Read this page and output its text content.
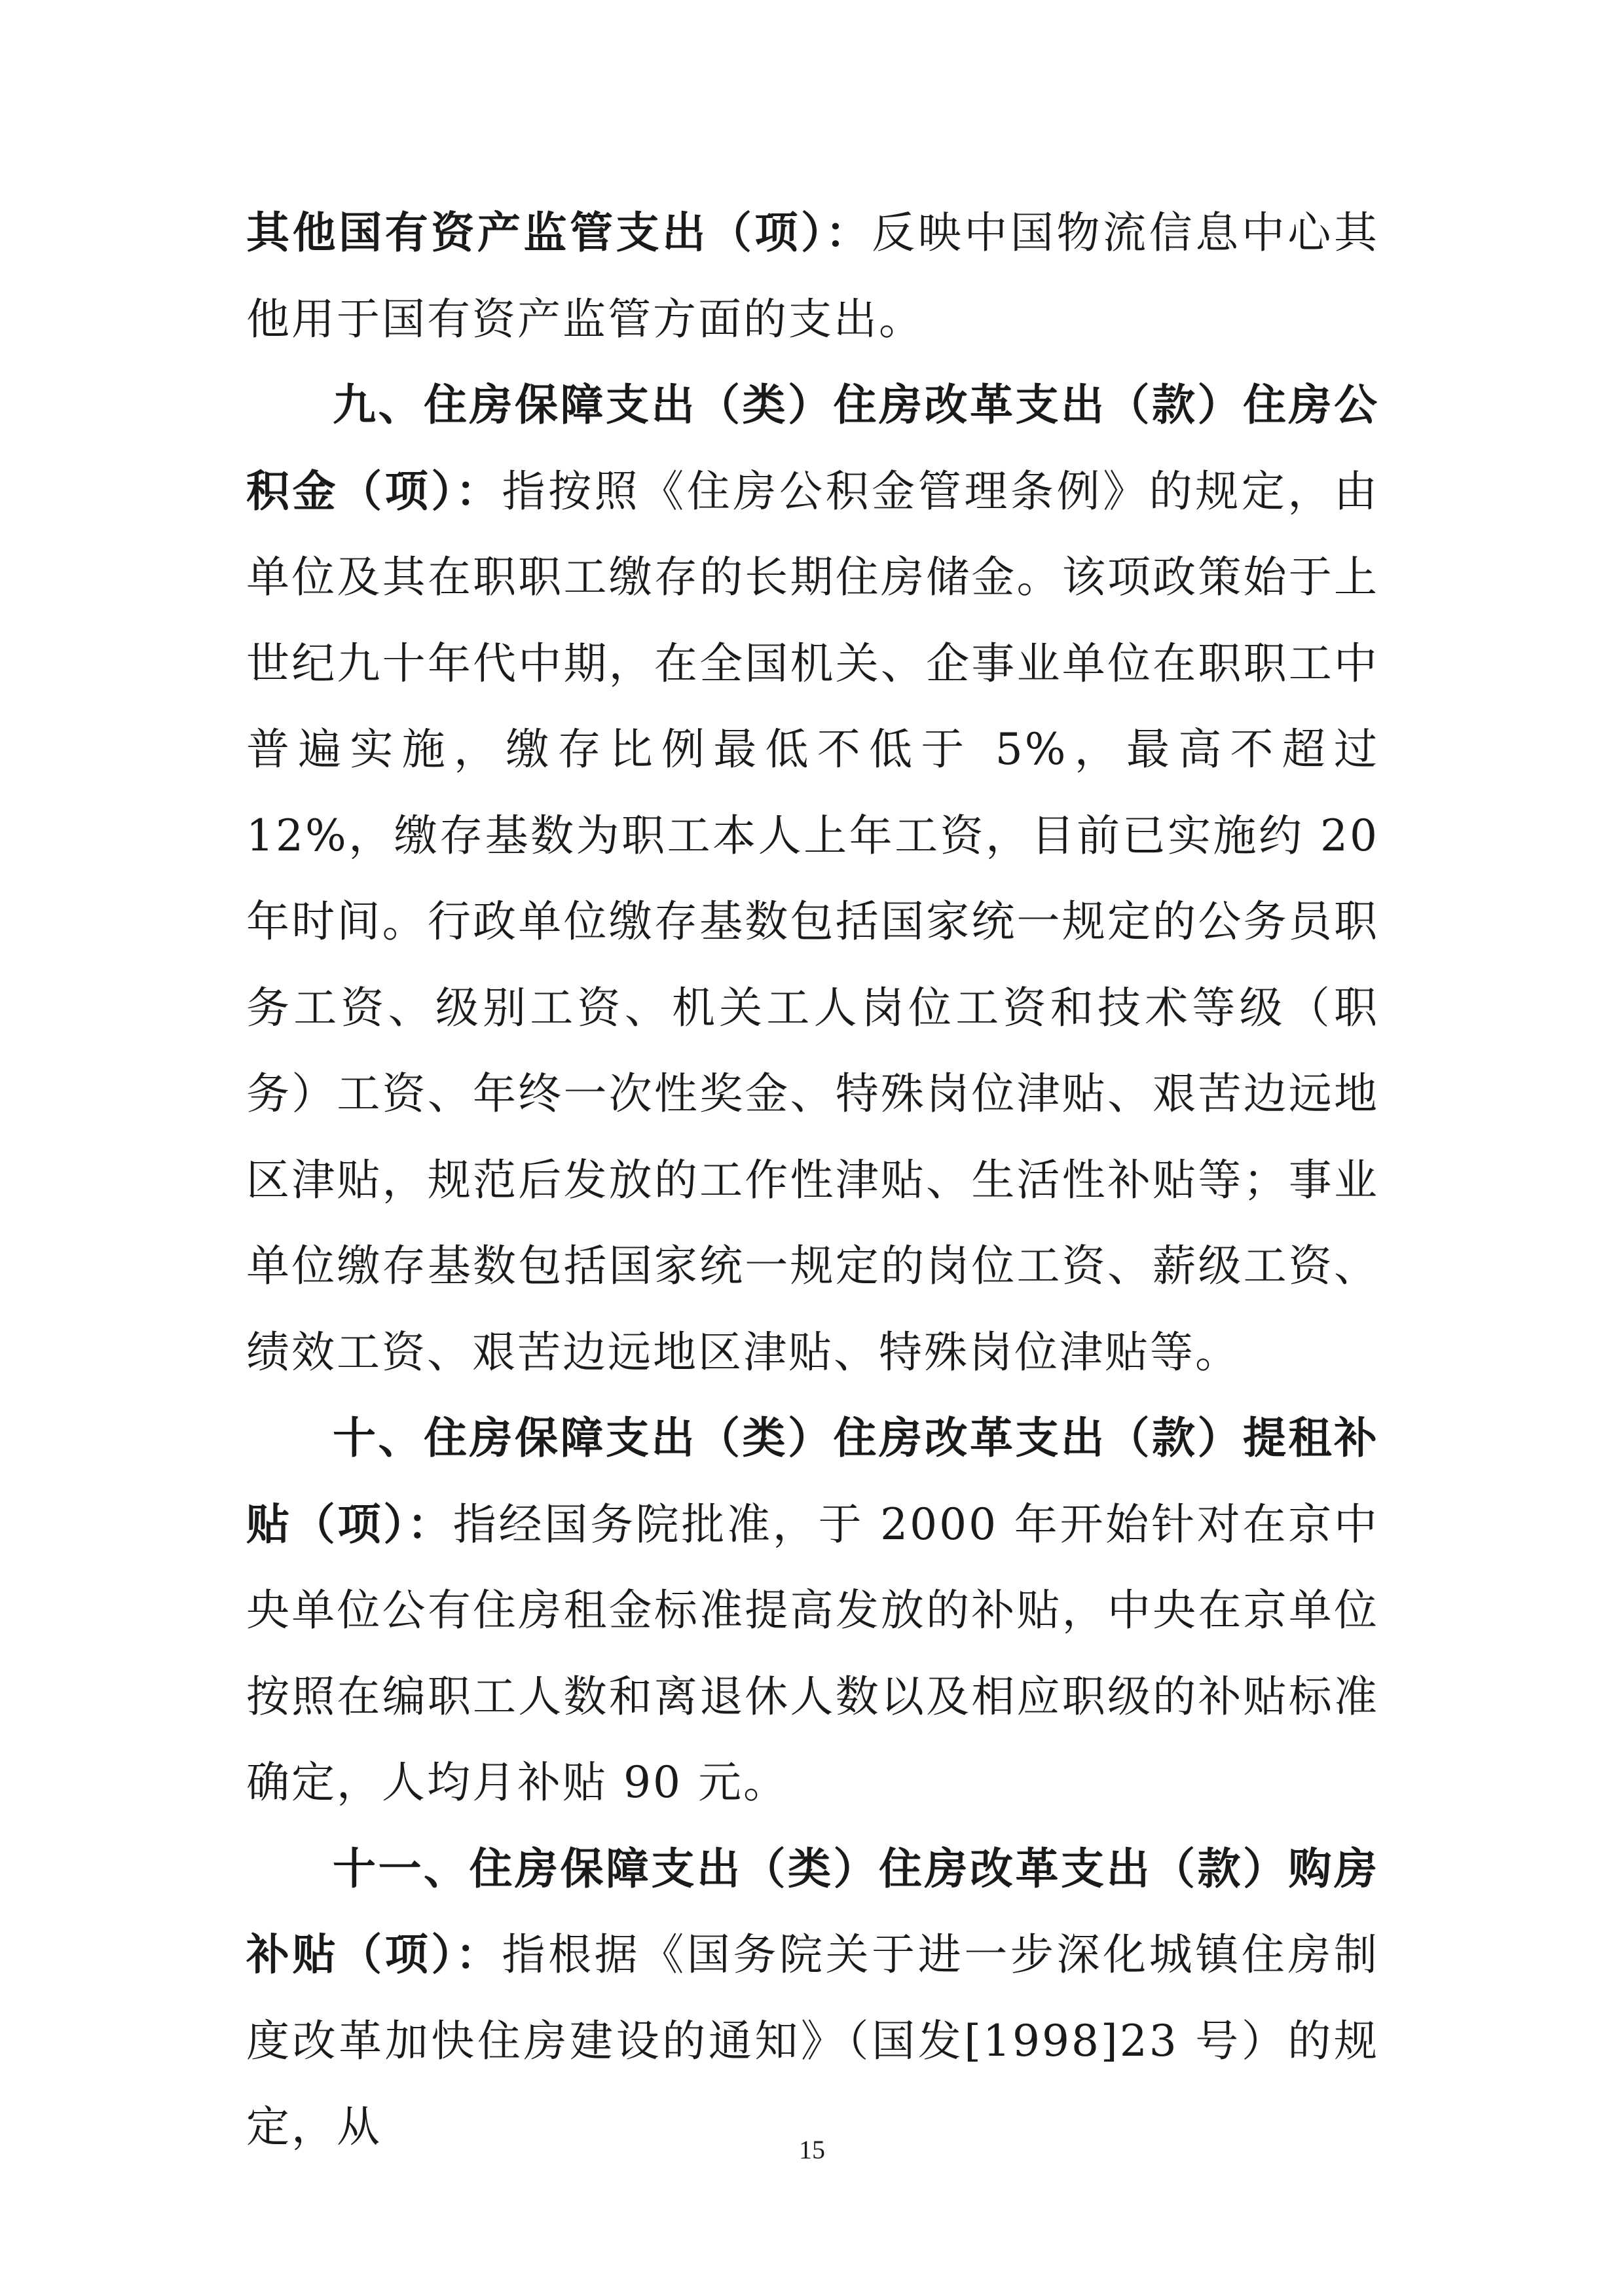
其他国有资产监管支出（项）：反映中国物流信息中心其他用于国有资产监管方面的支出。

九、住房保障支出（类）住房改革支出（款）住房公积金（项）：指按照《住房公积金管理条例》的规定，由单位及其在职职工缴存的长期住房储金。该项政策始于上世纪九十年代中期，在全国机关、企事业单位在职职工中普遍实施，缴存比例最低不低于 5%，最高不超过 12%，缴存基数为职工本人上年工资，目前已实施约 20 年时间。行政单位缴存基数包括国家统一规定的公务员职务工资、级别工资、机关工人岗位工资和技术等级（职务）工资、年终一次性奖金、特殊岗位津贴、艰苦边远地区津贴，规范后发放的工作性津贴、生活性补贴等；事业单位缴存基数包括国家统一规定的岗位工资、薪级工资、绩效工资、艰苦边远地区津贴、特殊岗位津贴等。

十、住房保障支出（类）住房改革支出（款）提租补贴（项）：指经国务院批准，于 2000 年开始针对在京中央单位公有住房租金标准提高发放的补贴，中央在京单位按照在编职工人数和离退休人数以及相应职级的补贴标准确定，人均月补贴 90 元。

十一、住房保障支出（类）住房改革支出（款）购房补贴（项）：指根据《国务院关于进一步深化城镇住房制度改革加快住房建设的通知》（国发[1998]23 号）的规定，从	15
